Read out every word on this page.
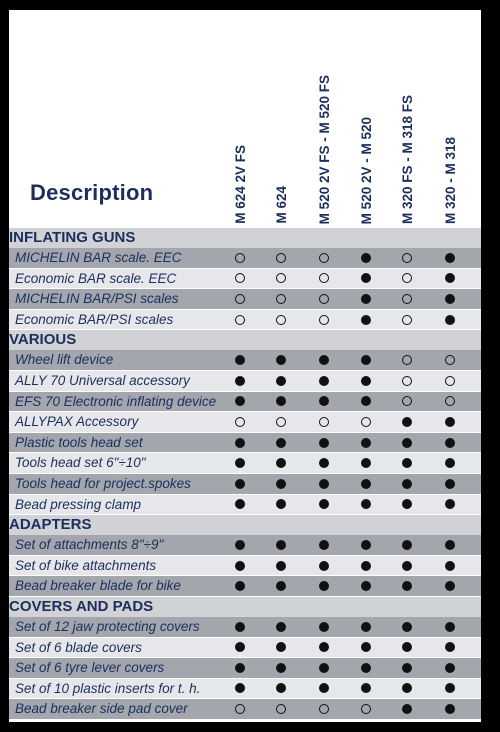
Description	M 624 2V FS M 624 M 520 2V FS - M 520 FS M 520 2V - M 520 M 320 FS - M 318 FS M 320 - M 318
INFLATING GUNS
MICHELIN BAR scale. EEC
Economic BAR scale. EEC
MICHELIN BAR/PSI scales
Economic BAR/PSI scales
VARIOUS
Wheel lift device
ALLY 70 Universal accessory
EFS 70 Electronic inflating device
ALLYPAX Accessory
Plastic tools head set
Tools head set 6"÷10"
Tools head for project.spokes
Bead pressing clamp
ADAPTERS
Set of attachments 8"÷9"
Set of bike attachments
Bead breaker blade for bike
COVERS AND PADS
Set of 12 jaw protecting covers
Set of 6 blade covers
Set of 6 tyre lever covers
Set of 10 plastic inserts for t. h.
Bead breaker side pad cover
